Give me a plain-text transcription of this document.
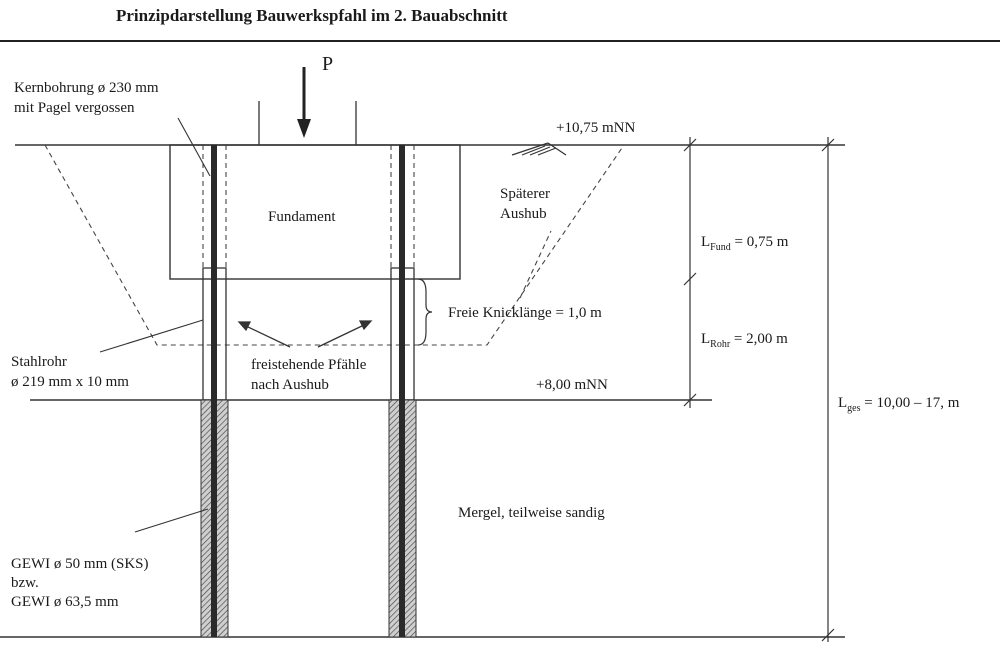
Prinzipdarstellung Bauwerkspfahl im 2. Bauabschnitt
P
Kernbohrung ø 230 mm
mit Pagel vergossen
+10,75 mNN
Fundament
Späterer
Aushub
Freie Knicklänge = 1,0 m
freistehende Pfähle
nach Aushub
Stahlrohr
ø 219 mm x 10 mm	+8,00 mNN
Mergel, teilweise sandig
GEWI ø 50 mm (SKS)
bzw.
GEWI ø 63,5 mm
$L_{Fund} = 0,75$ m
$L_{Rohr} = 2,00$ m
$L_{ges} = 10,00 - 17$, m
